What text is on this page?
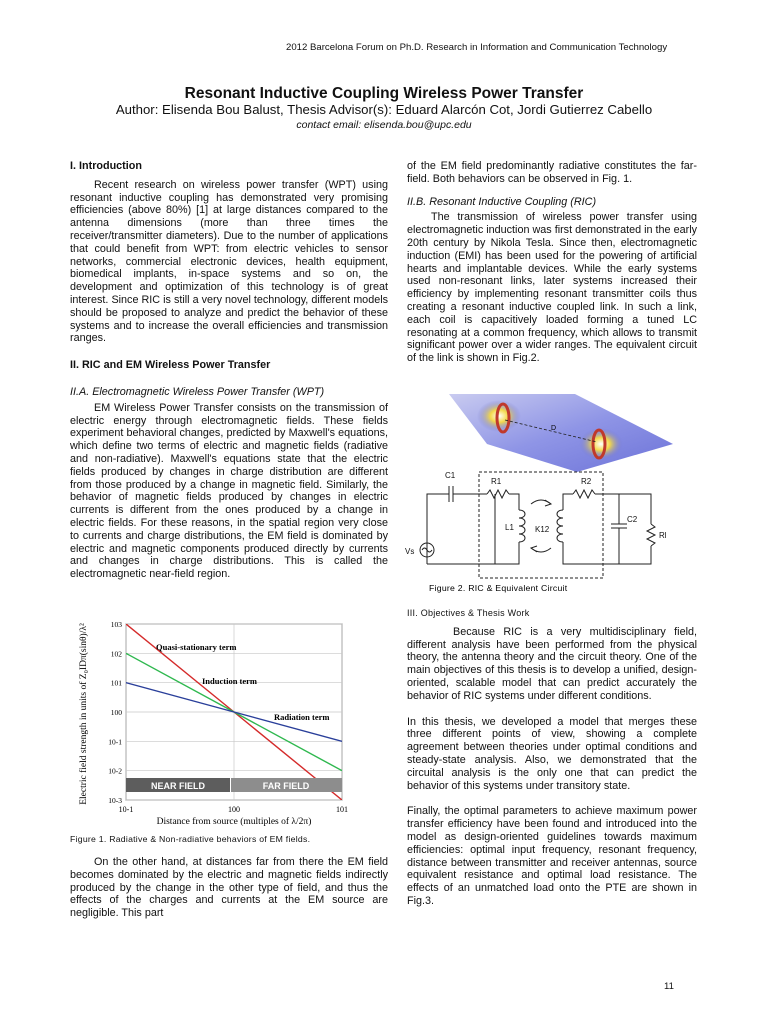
2012 Barcelona Forum on Ph.D. Research in Information and Communication Technology
Resonant Inductive Coupling Wireless Power Transfer
Author: Elisenda Bou Balust, Thesis Advisor(s): Eduard Alarcón Cot, Jordi Gutierrez Cabello
contact email: elisenda.bou@upc.edu
I. Introduction

Recent research on wireless power transfer (WPT) using resonant inductive coupling has demonstrated very promising efficiencies (above 80%) [1] at large distances compared to the antenna dimensions (more than three times the receiver/transmitter diameters). Due to the number of applications that could benefit from WPT: from electric vehicles to sensor networks, commercial electronic devices, health equipment, biomedical implants, in-space systems and so on, the development and optimization of this technology is of great interest. Since RIC is still a very novel technology, different models should be proposed to analyze and predict the behavior of these systems and to increase the overall efficiencies and transmission ranges.

II. RIC and EM Wireless Power Transfer
II.A. Electromagnetic Wireless Power Transfer (WPT)

EM Wireless Power Transfer consists on the transmission of electric energy through electromagnetic fields. These fields experiment behavioral changes, predicted by Maxwell's equations, which define two terms of electric and magnetic fields (radiative and non-radiative). Maxwell's equations state that the electric fields produced by changes in charge distribution are different from those produced by a change in magnetic field. Similarly, the behavior of magnetic fields produced by changes in electric currents is different from the ones produced by a change in electric fields. For these reasons, in the spatial region very close to currents and charge distributions, the EM field is dominated by electric and magnetic components produced directly by currents and changes in charge distributions. This is called the electromagnetic near-field region.

NEAR FIELD	FAR FIELD
Quasi-stationary term
Induction term
Radiation term
10-1	100	101
10-3
10-2
10-1
100
101
102
103
Distance from source (multiples of λ/2π)
Electric field strength in units of Z₀IDπ(sinθ)/λ²
Figure 1. Radiative & Non-radiative behaviors of EM fields.

On the other hand, at distances far from there the EM field becomes dominated by the electric and magnetic fields indirectly produced by the change in the other type of field, and thus the effects of the charges and currents at the EM source are negligible. This part

of the EM field predominantly radiative constitutes the far-field. Both behaviors can be observed in Fig. 1.

II.B. Resonant Inductive Coupling (RIC)

The transmission of wireless power transfer using electromagnetic induction was first demonstrated in the early 20th century by Nikola Tesla. Since then, electromagnetic induction (EMI) has been used for the powering of artificial hearts and implantable devices. While the early systems used non-resonant links, later systems increased their efficiency by implementing resonant transmitter coils thus creating a resonant inductive coupled link. In such a link, each coil is capacitively loaded forming a tuned LC resonating at a common frequency, which allows to transmit significant power over a wider ranges. The equivalent circuit of the link is shown in Fig.2.

D
C1
R1	R2
L1	K12
C2
Rl
Vs
Figure 2. RIC & Equivalent Circuit
III. Objectives & Thesis Work

Because RIC is a very multidisciplinary field, different analysis have been performed from the physical theory, the antenna theory and the circuit theory. One of the main objectives of this thesis is to develop a unified, design-oriented, scalable model that can predict accurately the behavior of RIC systems under different conditions.

In this thesis, we developed a model that merges these three different points of view, showing a complete agreement between theories under optimal conditions and steady-state analysis. Also, we demonstrated that the circuital analysis is the only one that can predict the behavior of this systems under transitory state.

Finally, the optimal parameters to achieve maximum power transfer efficiency have been found and introduced into the model as design-oriented guidelines towards maximum efficiencies: optimal input frequency, resonant frequency, distance between transmitter and receiver antennas, source equivalent resistance and optimal load resistance. The effects of an unmatched load onto the PTE are shown in Fig.3.

11
